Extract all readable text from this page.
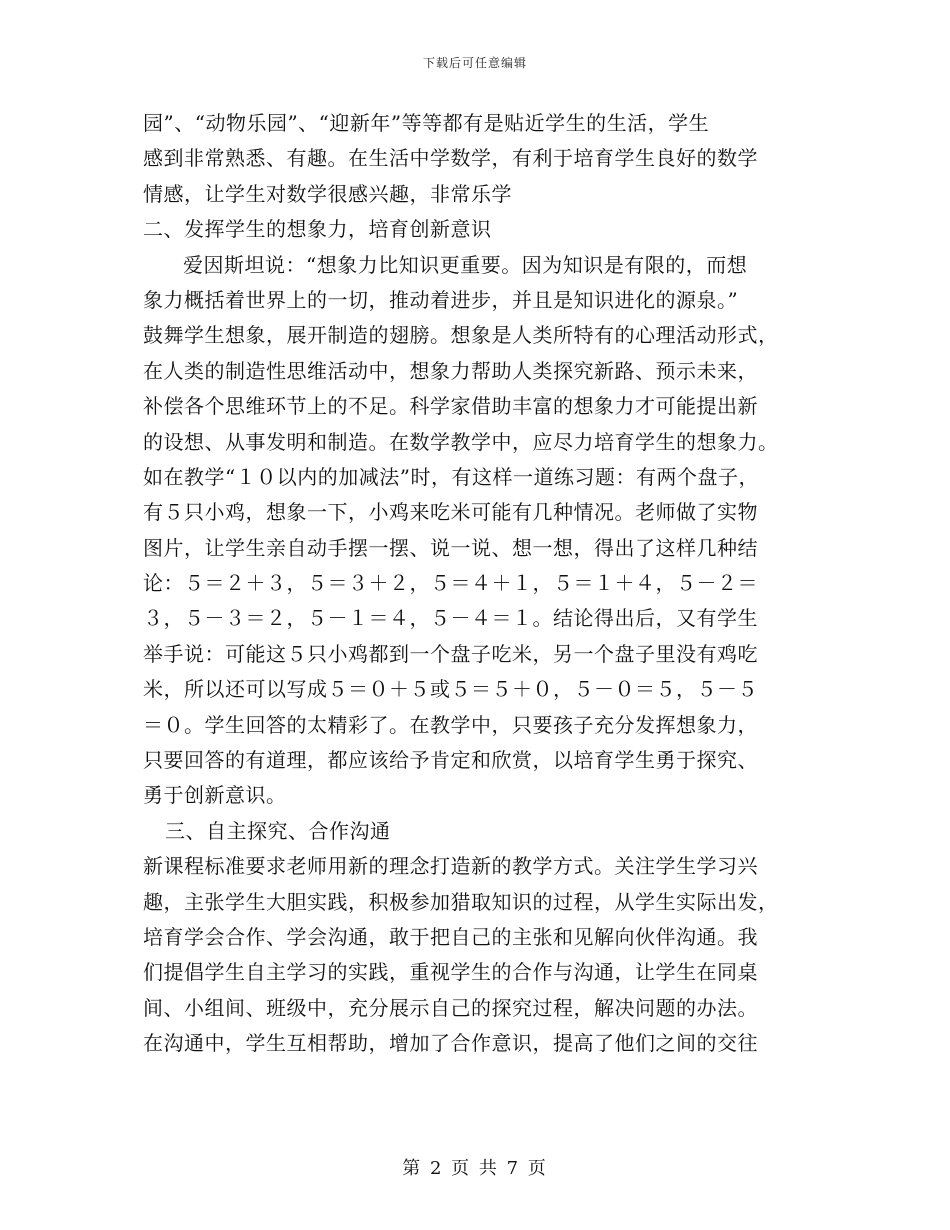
下载后可任意编辑
园”、“动物乐园”、“迎新年”等等都有是贴近学生的生活，学生
感到非常熟悉、有趣。在生活中学数学，有利于培育学生良好的数学
情感，让学生对数学很感兴趣，非常乐学
二、发挥学生的想象力，培育创新意识
爱因斯坦说：“想象力比知识更重要。因为知识是有限的，而想
象力概括着世界上的一切，推动着进步，并且是知识进化的源泉。”
鼓舞学生想象，展开制造的翅膀。想象是人类所特有的心理活动形式，
在人类的制造性思维活动中，想象力帮助人类探究新路、预示未来，
补偿各个思维环节上的不足。科学家借助丰富的想象力才可能提出新
的设想、从事发明和制造。在数学教学中，应尽力培育学生的想象力。
如在教学“１０以内的加减法”时，有这样一道练习题：有两个盘子，
有５只小鸡，想象一下，小鸡来吃米可能有几种情况。老师做了实物
图片，让学生亲自动手摆一摆、说一说、想一想，得出了这样几种结
论：５＝２＋３，５＝３＋２，５＝４＋１，５＝１＋４，５－２＝
３，５－３＝２，５－１＝４，５－４＝１。结论得出后，又有学生
举手说：可能这５只小鸡都到一个盘子吃米，另一个盘子里没有鸡吃
米，所以还可以写成５＝０＋５或５＝５＋０，５－０＝５，５－５
＝０。学生回答的太精彩了。在教学中，只要孩子充分发挥想象力，
只要回答的有道理，都应该给予肯定和欣赏，以培育学生勇于探究、
勇于创新意识。
三、自主探究、合作沟通
新课程标准要求老师用新的理念打造新的教学方式。关注学生学习兴
趣，主张学生大胆实践，积极参加猎取知识的过程，从学生实际出发，
培育学会合作、学会沟通，敢于把自己的主张和见解向伙伴沟通。我
们提倡学生自主学习的实践，重视学生的合作与沟通，让学生在同桌
间、小组间、班级中，充分展示自己的探究过程，解决问题的办法。
在沟通中，学生互相帮助，增加了合作意识，提高了他们之间的交往
第 2 页 共 7 页
